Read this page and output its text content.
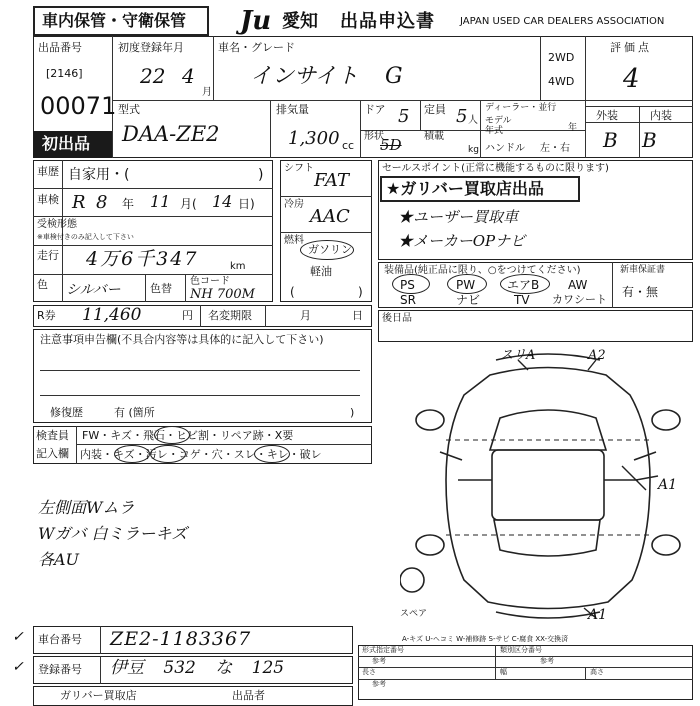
車内保管・守衛保管 Ju 愛知 出品申込書	JAPAN USED CAR DEALERS ASSOCIATION
出品番号
[2146]
00071
初出品
初度登録年月
22 4
月
車名・グレード
インサイト G
2WD
4WD
評価点
4
型式
DAA-ZE2
排気量
1,300 cc
ドア 5 定員 5 人
ディーラー・並行
モデル
年式	年
形状
5D 積載
kg ハンドル 左・右
外装	内装
B B
車歴 自家用・(	)
車検 R 8 年 11 月( 14 日)
受検形態
※車検付きのみ記入して下さい
走行 4万6千347	km
色 シルバー	色替
色コード
NH 700M
シフト
FAT
冷房
AAC
燃料
ガソリン
軽油
(	)
セールスポイント(正常に機能するものに限ります)
★ガリバー買取店出品
★ユーザー買取車
★メーカーOPナビ
装備品(純正品に限り、○をつけてください)
PS	PW	エアB AW
SR	ナビ	TV カワシート
新車保証書
有・無
R券 11,460	円 名変期限	月	日 後日品
注意事項申告欄(不具合内容等は具体的に記入して下さい)
修復歴	有 (箇所	)
検査員
記入欄
FW・キズ・飛石・ヒビ割・リペア跡・X要
内装・キズ・汚レ・コゲ・穴・スレ・キレ・破レ
左側面Wムラ
Wガバ 白ミラーキズ
各AU
スリA	A2
A1
A1
スペア
A-キズ U-ヘコミ W-補修跡 S-サビ C-腐食 XX-交換済
✓
✓
車台番号 ZE2-1183367
登録番号 伊豆 532 な 125
ガリバー買取店	出品者
形式指定番号	類別区分番号
参考	参考
長さ	幅	高さ
参考
